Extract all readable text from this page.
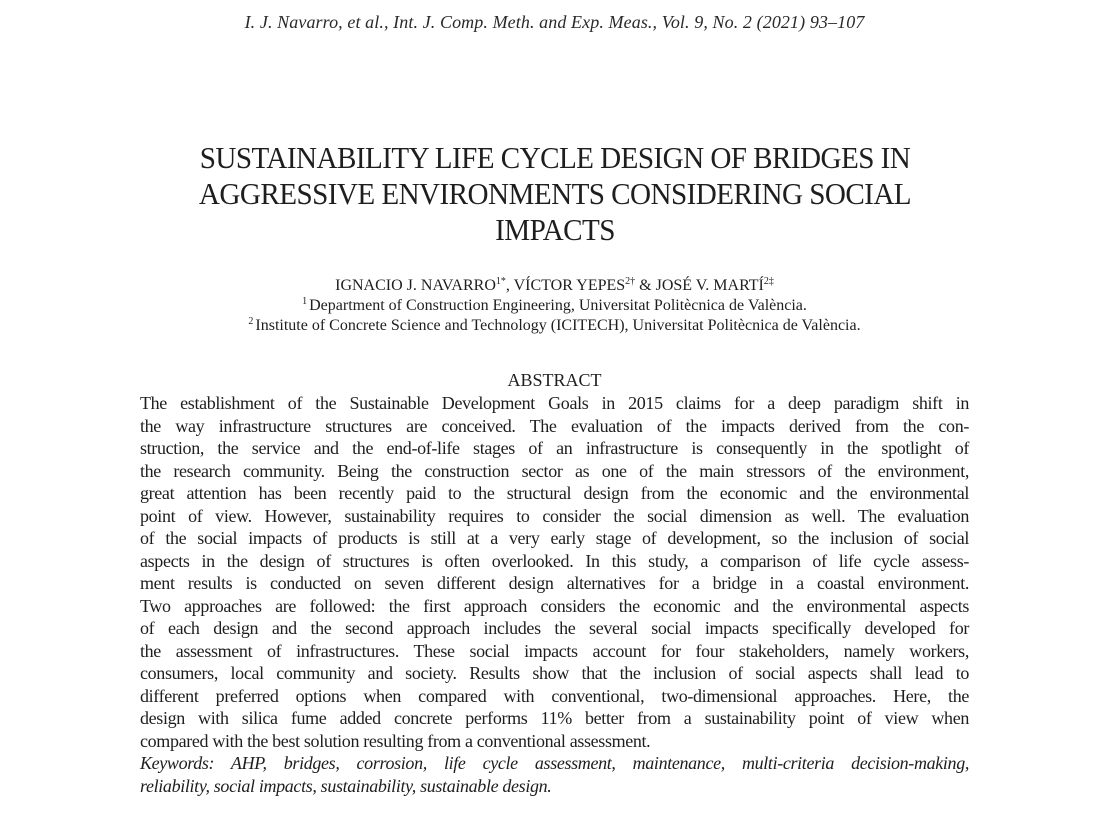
I. J. Navarro, et al., Int. J. Comp. Meth. and Exp. Meas., Vol. 9, No. 2 (2021) 93–107
SUSTAINABILITY LIFE CYCLE DESIGN OF BRIDGES IN
AGGRESSIVE ENVIRONMENTS CONSIDERING SOCIAL
IMPACTS
IGNACIO J. $NAVARRO^{1*}$, VÍCTOR $YEPES^{2\dagger}$ & JOSÉ V. $MARTÍ^{2\ddagger}$
$^1$ Department of Construction Engineering, Universitat Politècnica de València.
$^2$ Institute of Concrete Science and Technology (ICITECH), Universitat Politècnica de València.
ABSTRACT
The establishment of the Sustainable Development Goals in 2015 claims for a deep paradigm shift in
the way infrastructure structures are conceived. The evaluation of the impacts derived from the con-
struction, the service and the end-of-life stages of an infrastructure is consequently in the spotlight of
the research community. Being the construction sector as one of the main stressors of the environment,
great attention has been recently paid to the structural design from the economic and the environmental
point of view. However, sustainability requires to consider the social dimension as well. The evaluation
of the social impacts of products is still at a very early stage of development, so the inclusion of social
aspects in the design of structures is often overlooked. In this study, a comparison of life cycle assess-
ment results is conducted on seven different design alternatives for a bridge in a coastal environment.
Two approaches are followed: the first approach considers the economic and the environmental aspects
of each design and the second approach includes the several social impacts specifically developed for
the assessment of infrastructures. These social impacts account for four stakeholders, namely workers,
consumers, local community and society. Results show that the inclusion of social aspects shall lead to
different preferred options when compared with conventional, two-dimensional approaches. Here, the
design with silica fume added concrete performs 11% better from a sustainability point of view when
compared with the best solution resulting from a conventional assessment.
Keywords: AHP, bridges, corrosion, life cycle assessment, maintenance, multi-criteria decision-making,
reliability, social impacts, sustainability, sustainable design.
